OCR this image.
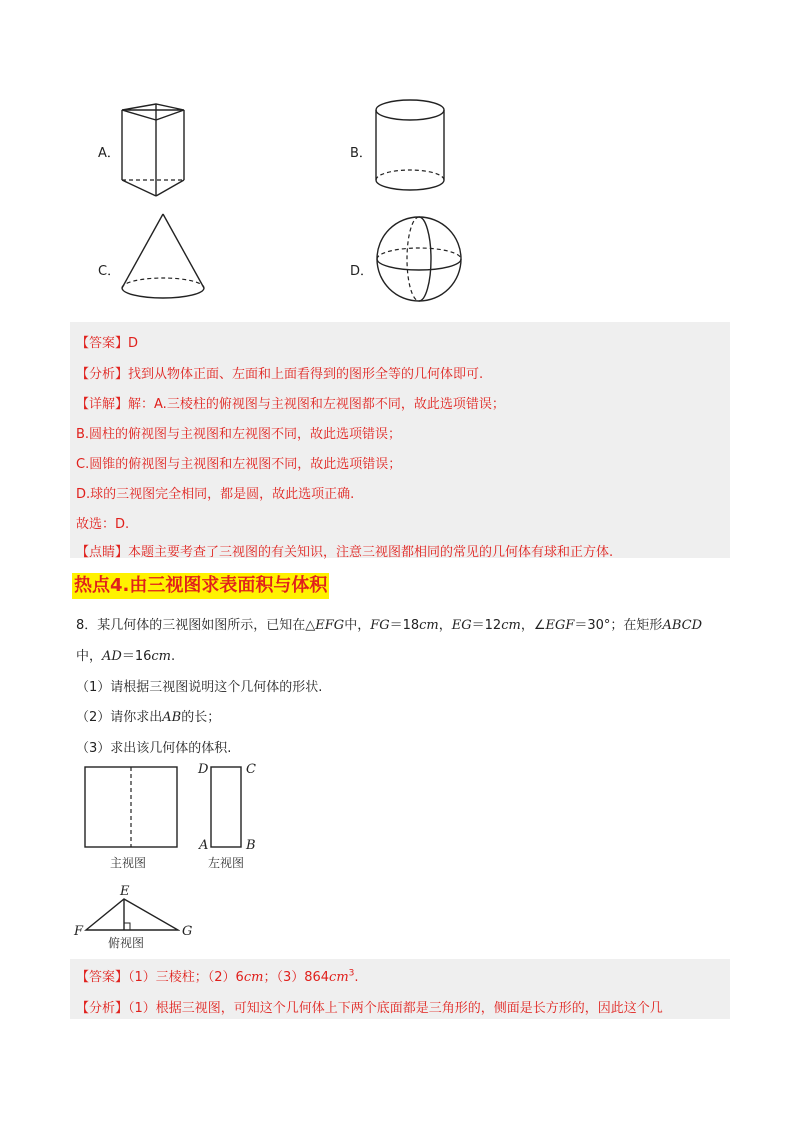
A．	B．
C．	D．
【答案】D
【分析】找到从物体正面、左面和上面看得到的图形全等的几何体即可.
【详解】解：A.三棱柱的俯视图与主视图和左视图都不同，故此选项错误；
B.圆柱的俯视图与主视图和左视图不同，故此选项错误；
C.圆锥的俯视图与主视图和左视图不同，故此选项错误；
D.球的三视图完全相同，都是圆，故此选项正确.
故选：D.
【点睛】本题主要考查了三视图的有关知识，注意三视图都相同的常见的几何体有球和正方体.
热点4.由三视图求表面积与体积
8．某几何体的三视图如图所示，已知在△EFG中，FG＝18cm，EG＝12cm，∠EGF＝30°；在矩形ABCD
中，AD＝16cm.
（1）请根据三视图说明这个几何体的形状.
（2）请你求出AB的长；
（3）求出该几何体的体积.
主视图
D	C
A	B
左视图
E
F	G
俯视图
【答案】（1）三棱柱；（2）6cm；$(3)864cm^3$.
【分析】（1）根据三视图，可知这个几何体上下两个底面都是三角形的，侧面是长方形的，因此这个几
